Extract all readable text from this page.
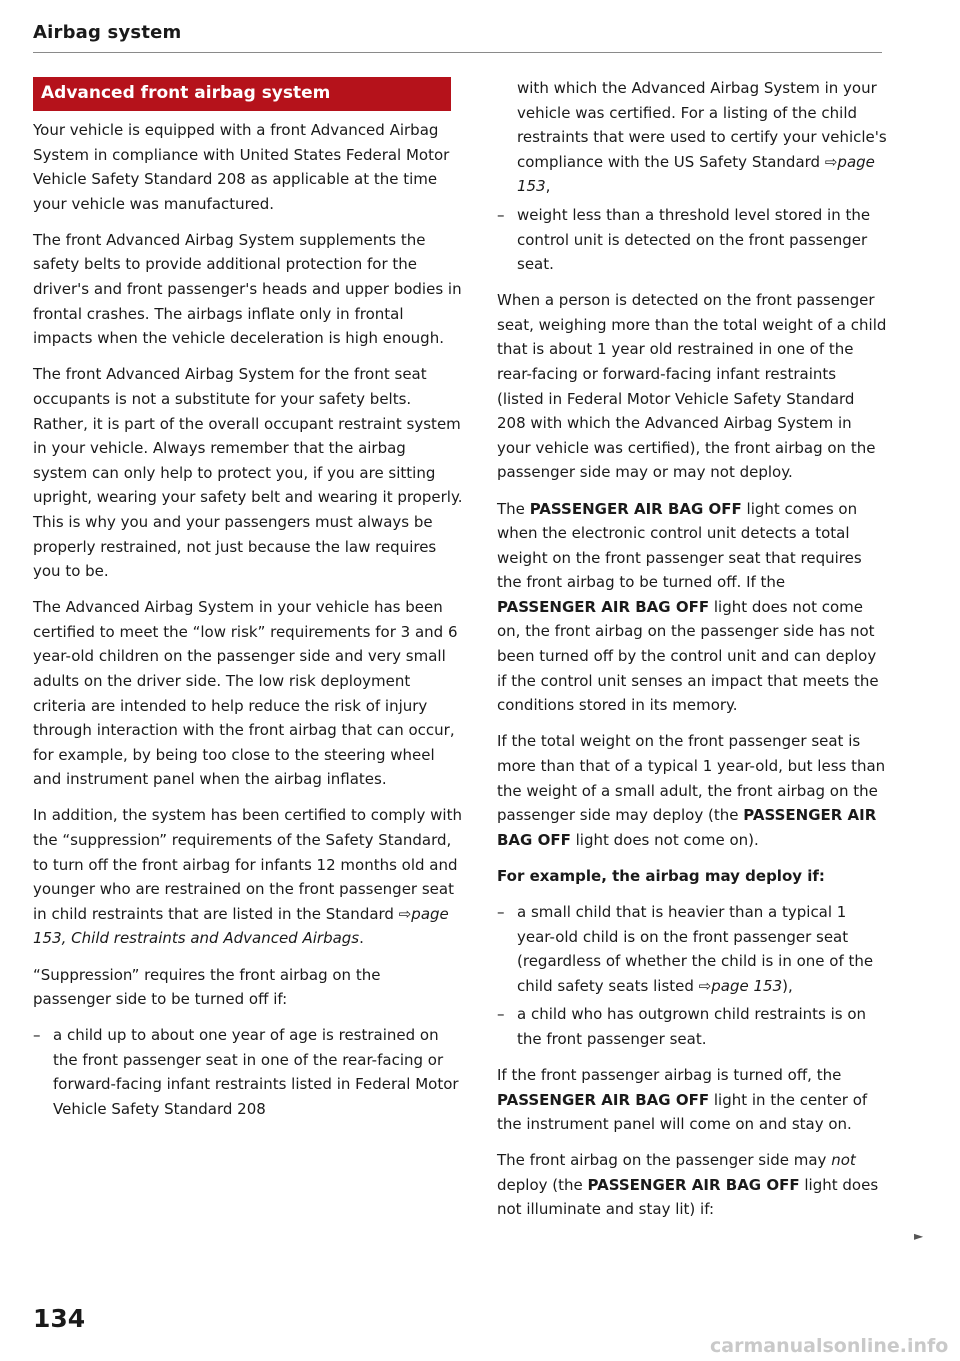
Airbag system
Advanced front airbag system

Your vehicle is equipped with a front Advanced Airbag System in compliance with United States Federal Motor Vehicle Safety Standard 208 as applicable at the time your vehicle was manufactured.

The front Advanced Airbag System supplements the safety belts to provide additional protection for the driver's and front passenger's heads and upper bodies in frontal crashes. The airbags inflate only in frontal impacts when the vehicle deceleration is high enough.

The front Advanced Airbag System for the front seat occupants is not a substitute for your safety belts. Rather, it is part of the overall occupant restraint system in your vehicle. Always remember that the airbag system can only help to protect you, if you are sitting upright, wearing your safety belt and wearing it properly. This is why you and your passengers must always be properly restrained, not just because the law requires you to be.

The Advanced Airbag System in your vehicle has been certified to meet the “low risk” requirements for 3 and 6 year-old children on the passenger side and very small adults on the driver side. The low risk deployment criteria are intended to help reduce the risk of injury through interaction with the front airbag that can occur, for example, by being too close to the steering wheel and instrument panel when the airbag inflates.

In addition, the system has been certified to comply with the “suppression” requirements of the Safety Standard, to turn off the front airbag for infants 12 months old and younger who are restrained on the front passenger seat in child restraints that are listed in the Standard ⇨page 153, Child restraints and Advanced Airbags.

“Suppression” requires the front airbag on the passenger side to be turned off if:

– a child up to about one year of age is restrained on the front passenger seat in one of the rear-facing or forward-facing infant restraints listed in Federal Motor Vehicle Safety Standard 208
with which the Advanced Airbag System in your vehicle was certified. For a listing of the child restraints that were used to certify your vehicle's compliance with the US Safety Standard ⇨page 153,
– weight less than a threshold level stored in the control unit is detected on the front passenger seat.

When a person is detected on the front passenger seat, weighing more than the total weight of a child that is about 1 year old restrained in one of the rear-facing or forward-facing infant restraints (listed in Federal Motor Vehicle Safety Standard 208 with which the Advanced Airbag System in your vehicle was certified), the front airbag on the passenger side may or may not deploy.

The PASSENGER AIR BAG OFF light comes on when the electronic control unit detects a total weight on the front passenger seat that requires the front airbag to be turned off. If the PASSENGER AIR BAG OFF light does not come on, the front airbag on the passenger side has not been turned off by the control unit and can deploy if the control unit senses an impact that meets the conditions stored in its memory.

If the total weight on the front passenger seat is more than that of a typical 1 year-old, but less than the weight of a small adult, the front airbag on the passenger side may deploy (the PASSENGER AIR BAG OFF light does not come on).

For example, the airbag may deploy if:

– a small child that is heavier than a typical 1 year-old child is on the front passenger seat (regardless of whether the child is in one of the child safety seats listed ⇨page 153),
– a child who has outgrown child restraints is on the front passenger seat.

If the front passenger airbag is turned off, the PASSENGER AIR BAG OFF light in the center of the instrument panel will come on and stay on.

The front airbag on the passenger side may not deploy (the PASSENGER AIR BAG OFF light does not illuminate and stay lit) if:

►
134
carmanualsonline.info
